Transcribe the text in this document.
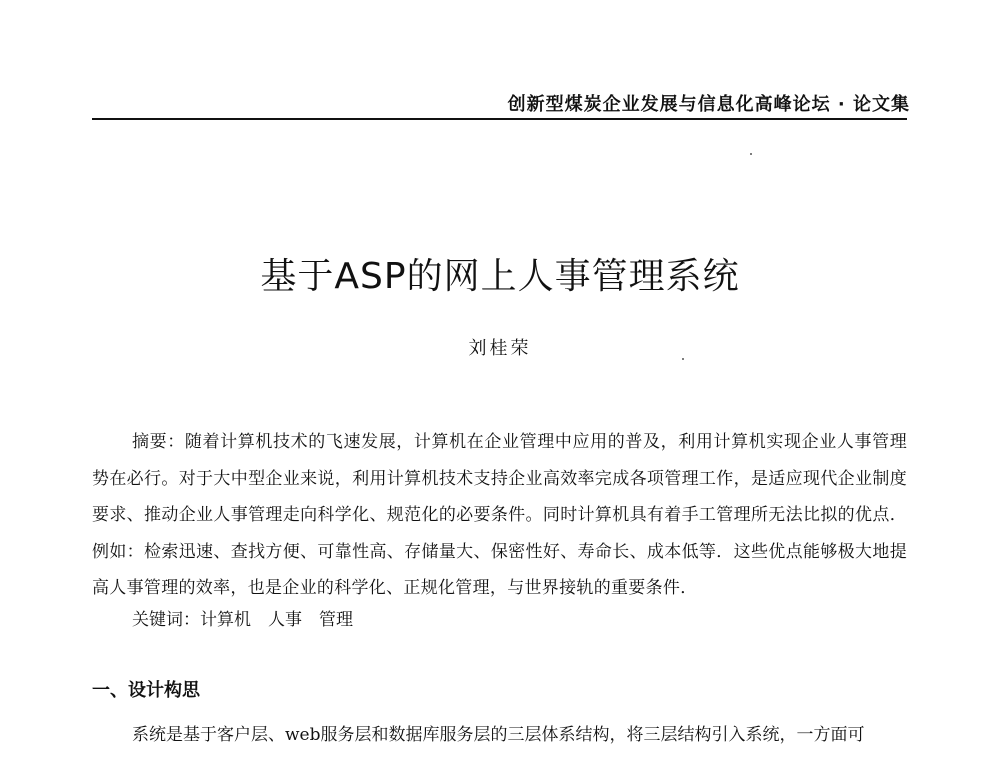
创新型煤炭企业发展与信息化高峰论坛 · 论文集
基于ASP的网上人事管理系统
刘桂荣

摘要：随着计算机技术的飞速发展，计算机在企业管理中应用的普及，利用计算机实现企业人事管理势在必行。对于大中型企业来说，利用计算机技术支持企业高效率完成各项管理工作，是适应现代企业制度要求、推动企业人事管理走向科学化、规范化的必要条件。同时计算机具有着手工管理所无法比拟的优点．例如：检索迅速、查找方便、可靠性高、存储量大、保密性好、寿命长、成本低等．这些优点能够极大地提高人事管理的效率，也是企业的科学化、正规化管理，与世界接轨的重要条件．

关键词：计算机　人事　管理
一、设计构思
系统是基于客户层、web服务层和数据库服务层的三层体系结构，将三层结构引入系统，一方面可
